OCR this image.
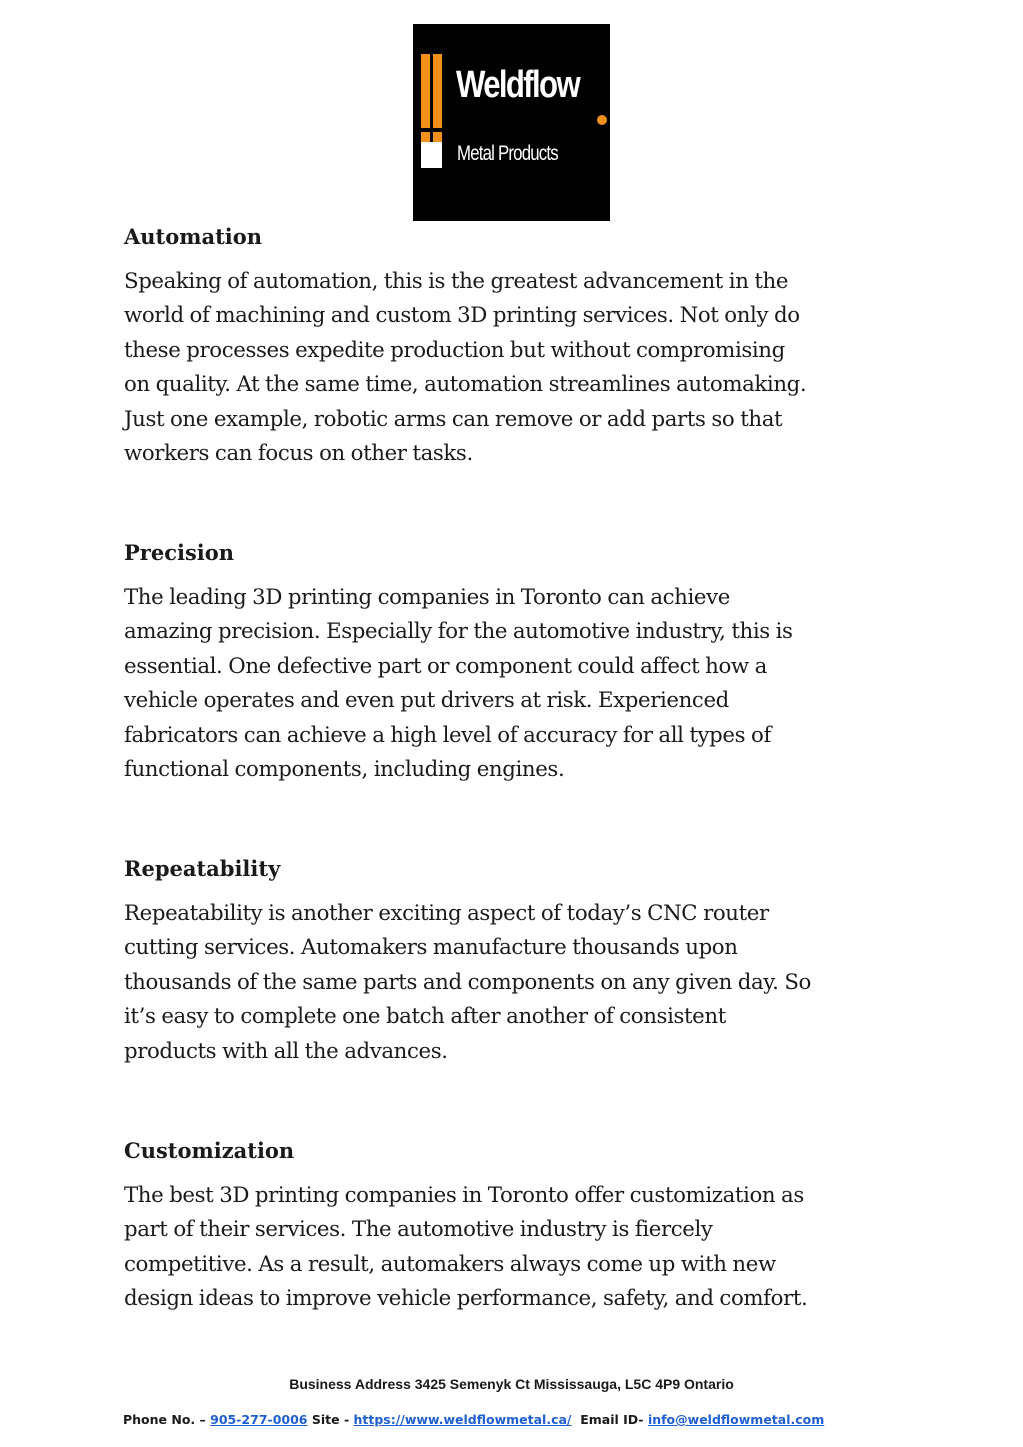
Weldflow
Metal Products
Automation

Speaking of automation, this is the greatest advancement in the
world of machining and custom 3D printing services. Not only do
these processes expedite production but without compromising
on quality. At the same time, automation streamlines automaking.
Just one example, robotic arms can remove or add parts so that
workers can focus on other tasks.

Precision

The leading 3D printing companies in Toronto can achieve
amazing precision. Especially for the automotive industry, this is
essential. One defective part or component could affect how a
vehicle operates and even put drivers at risk. Experienced
fabricators can achieve a high level of accuracy for all types of
functional components, including engines.

Repeatability

Repeatability is another exciting aspect of today’s CNC router
cutting services. Automakers manufacture thousands upon
thousands of the same parts and components on any given day. So
it’s easy to complete one batch after another of consistent
products with all the advances.

Customization

The best 3D printing companies in Toronto offer customization as
part of their services. The automotive industry is fiercely
competitive. As a result, automakers always come up with new
design ideas to improve vehicle performance, safety, and comfort.

Business Address 3425 Semenyk Ct Mississauga, L5C 4P9 Ontario
Phone No. – 905-277-0006 Site - https://www.weldflowmetal.ca/ Email ID- info@weldflowmetal.com
